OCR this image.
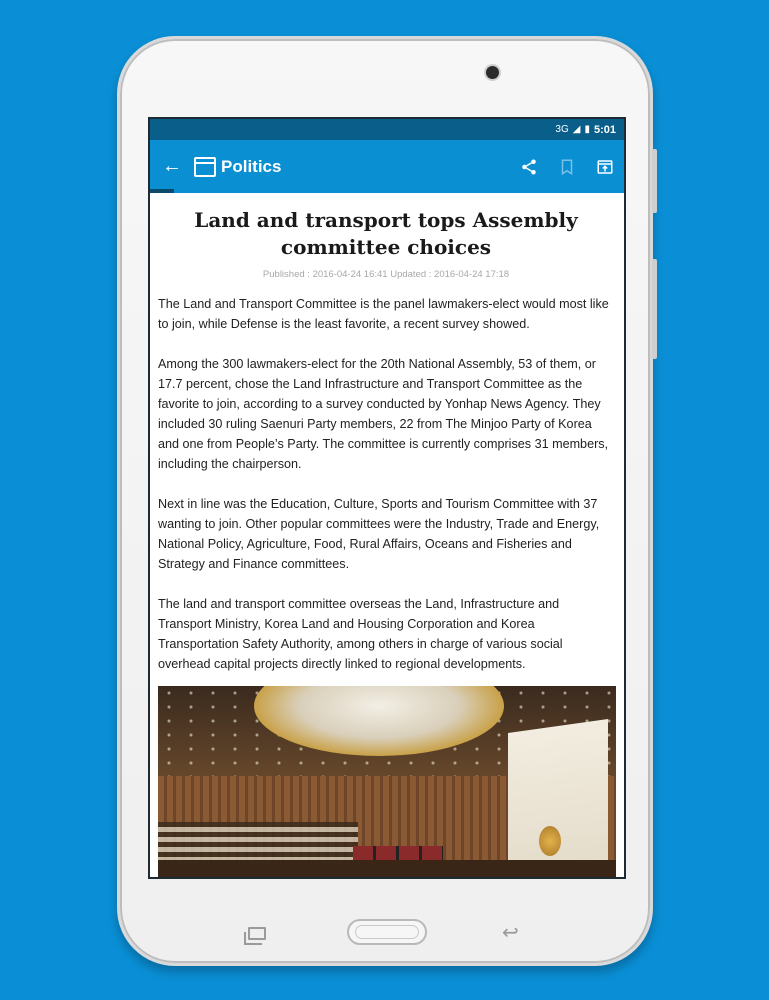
3G ◢ ▮ 5:01
←	Politics
Land and transport tops Assembly committee choices
Published : 2016-04-24 16:41 Updated : 2016-04-24 17:18

The Land and Transport Committee is the panel lawmakers-elect would most like to join, while Defense is the least favorite, a recent survey showed.

Among the 300 lawmakers-elect for the 20th National Assembly, 53 of them, or 17.7 percent, chose the Land Infrastructure and Transport Committee as the favorite to join, according to a survey conducted by Yonhap News Agency. They included 30 ruling Saenuri Party members, 22 from The Minjoo Party of Korea and one from People’s Party. The committee is currently comprises 31 members, including the chairperson.

Next in line was the Education, Culture, Sports and Tourism Committee with 37 wanting to join. Other popular committees were the Industry, Trade and Energy, National Policy, Agriculture, Food, Rural Affairs, Oceans and Fisheries and Strategy and Finance committees.

The land and transport committee overseas the Land, Infrastructure and Transport Ministry, Korea Land and Housing Corporation and Korea Transportation Safety Authority, among others in charge of various social overhead capital projects directly linked to regional developments.

↩
